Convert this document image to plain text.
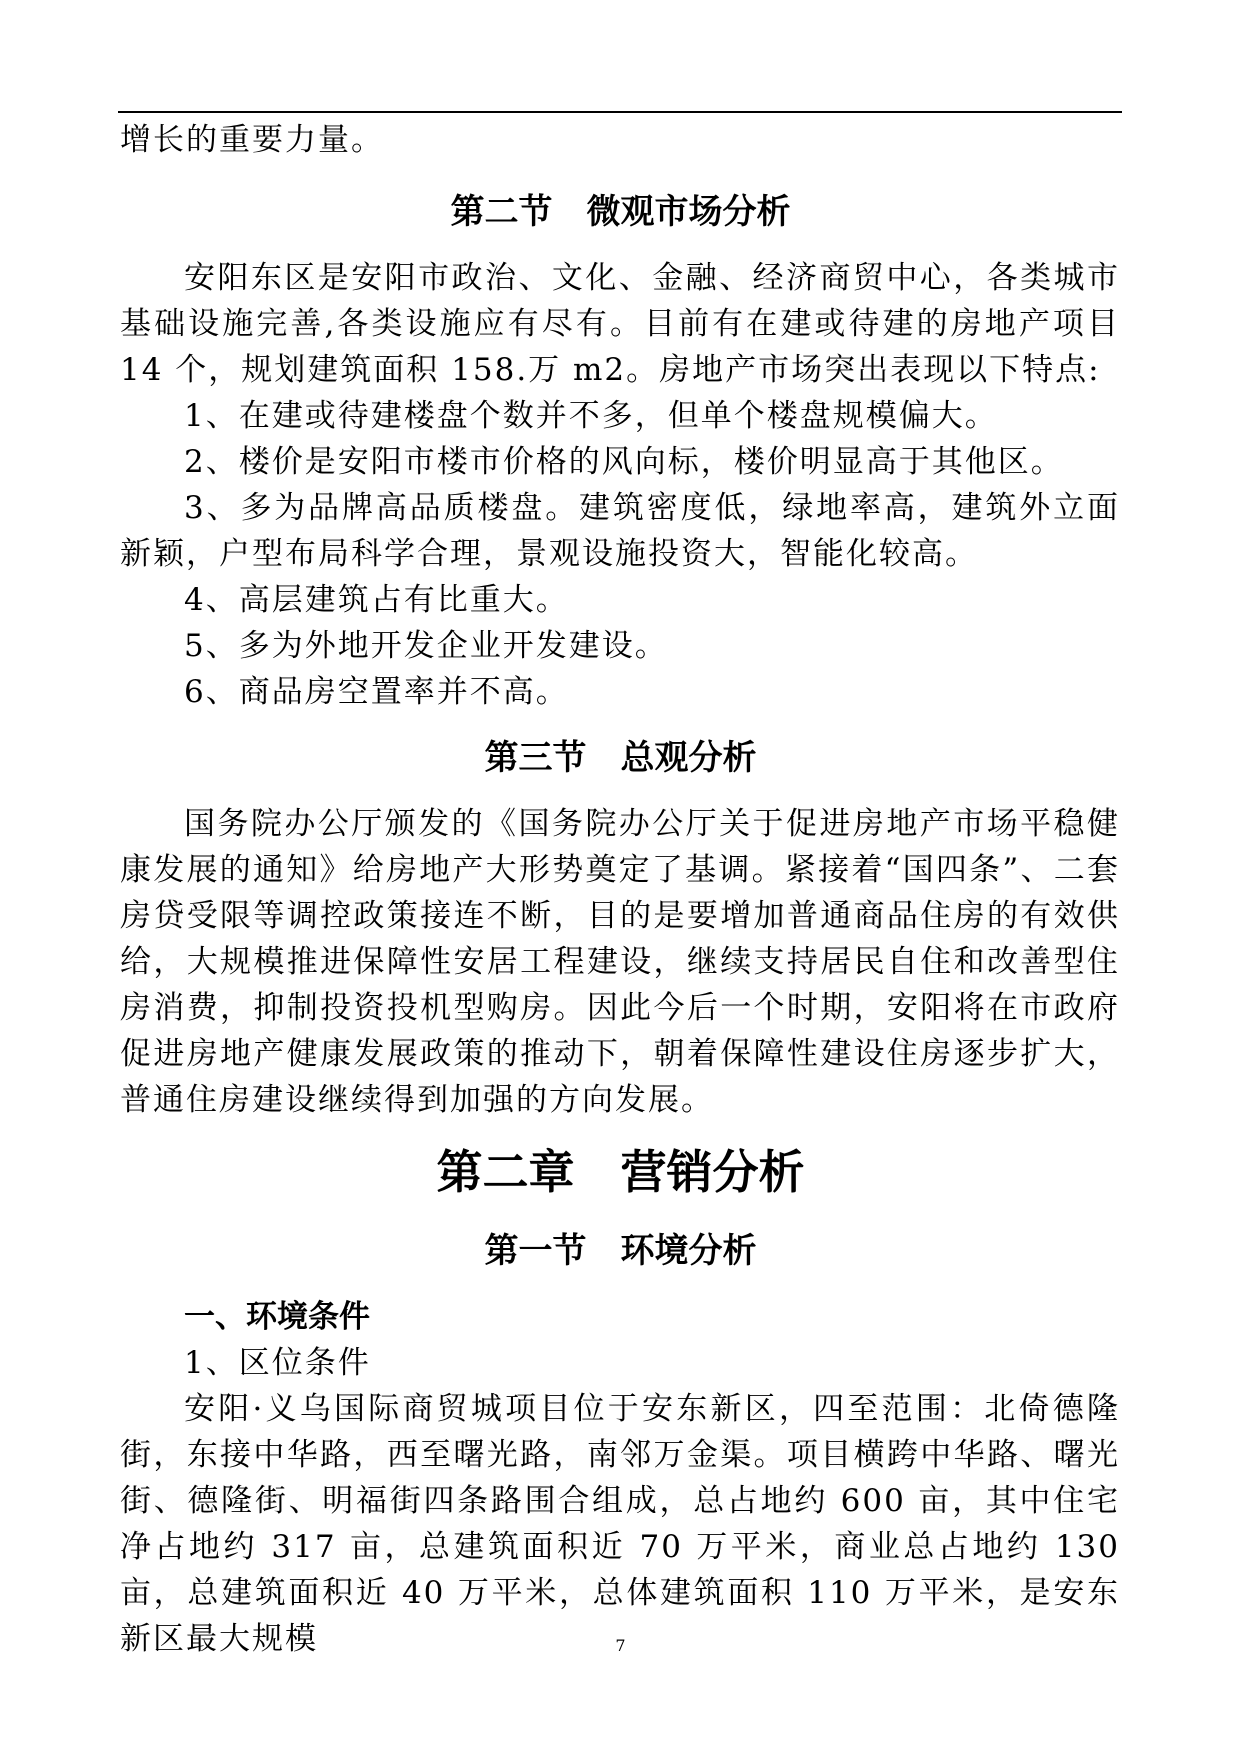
增长的重要力量。

第二节　微观市场分析

安阳东区是安阳市政治、文化、金融、经济商贸中心，各类城市基础设施完善,各类设施应有尽有。目前有在建或待建的房地产项目 14 个，规划建筑面积 158.万 m2。房地产市场突出表现以下特点:

1、在建或待建楼盘个数并不多，但单个楼盘规模偏大。

2、楼价是安阳市楼市价格的风向标，楼价明显高于其他区。

3、多为品牌高品质楼盘。建筑密度低，绿地率高，建筑外立面新颖，户型布局科学合理，景观设施投资大，智能化较高。

4、高层建筑占有比重大。

5、多为外地开发企业开发建设。

6、商品房空置率并不高。

第三节　总观分析

国务院办公厅颁发的《国务院办公厅关于促进房地产市场平稳健康发展的通知》给房地产大形势奠定了基调。紧接着“国四条”、二套房贷受限等调控政策接连不断，目的是要增加普通商品住房的有效供给，大规模推进保障性安居工程建设，继续支持居民自住和改善型住房消费，抑制投资投机型购房。因此今后一个时期，安阳将在市政府促进房地产健康发展政策的推动下，朝着保障性建设住房逐步扩大，普通住房建设继续得到加强的方向发展。

第二章　营销分析
第一节　环境分析
一、环境条件

1、区位条件

安阳·义乌国际商贸城项目位于安东新区，四至范围：北倚德隆街，东接中华路，西至曙光路，南邻万金渠。项目横跨中华路、曙光街、德隆街、明福街四条路围合组成，总占地约 600 亩，其中住宅净占地约 317 亩，总建筑面积近 70 万平米，商业总占地约 130 亩，总建筑面积近 40 万平米，总体建筑面积 110 万平米，是安东新区最大规模	7
